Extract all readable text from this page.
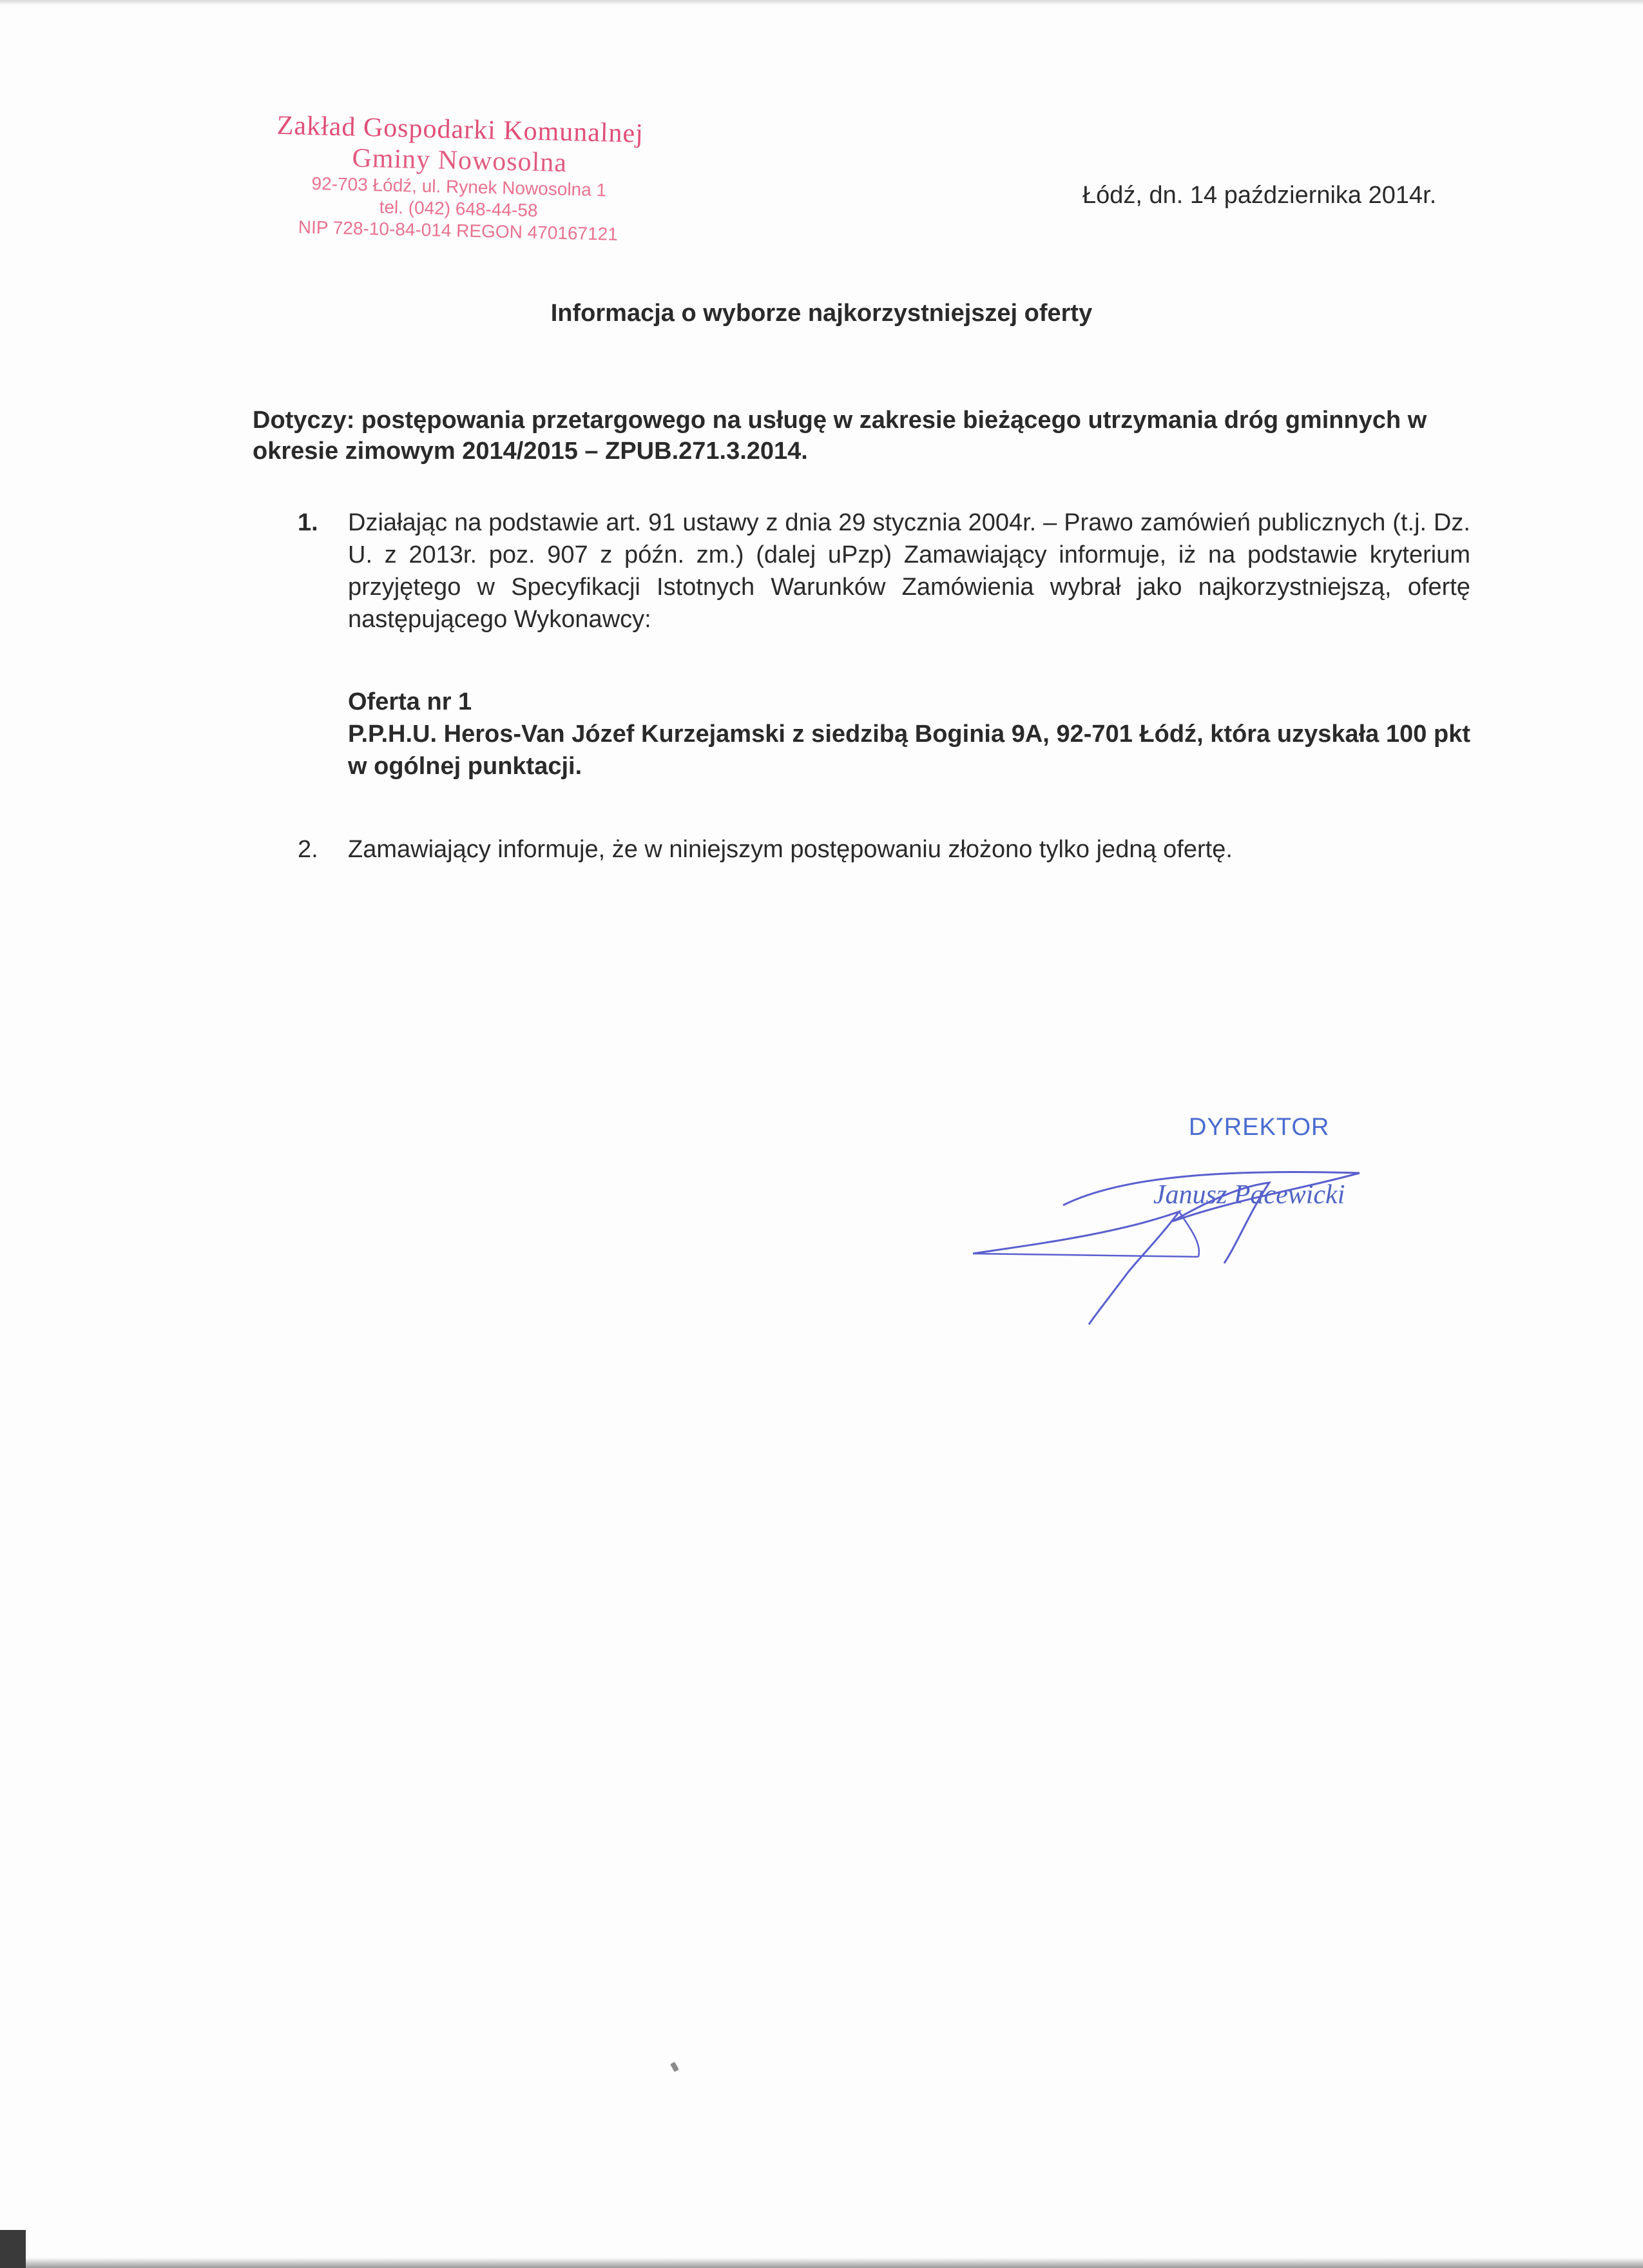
Zakład Gospodarki Komunalnej
Gminy Nowosolna
92-703 Łódź, ul. Rynek Nowosolna 1
tel. (042) 648-44-58
NIP 728-10-84-014 REGON 470167121
Łódź, dn. 14 października 2014r.
Informacja o wyborze najkorzystniejszej oferty
Dotyczy: postępowania przetargowego na usługę w zakresie bieżącego utrzymania dróg gminnych w okresie zimowym 2014/2015 – ZPUB.271.3.2014.
1.	Działając na podstawie art. 91 ustawy z dnia 29 stycznia 2004r. – Prawo zamówień publicznych (t.j. Dz. U. z 2013r. poz. 907 z późn. zm.) (dalej uPzp) Zamawiający informuje, iż na podstawie kryterium przyjętego w Specyfikacji Istotnych Warunków Zamówienia wybrał jako najkorzystniejszą, ofertę następującego Wykonawcy:
Oferta nr 1
P.P.H.U. Heros-Van Józef Kurzejamski z siedzibą Boginia 9A, 92-701 Łódź, która uzyskała 100 pkt w ogólnej punktacji.
2.	Zamawiający informuje, że w niniejszym postępowaniu złożono tylko jedną ofertę.
DYREKTOR
Janusz Pacewicki
